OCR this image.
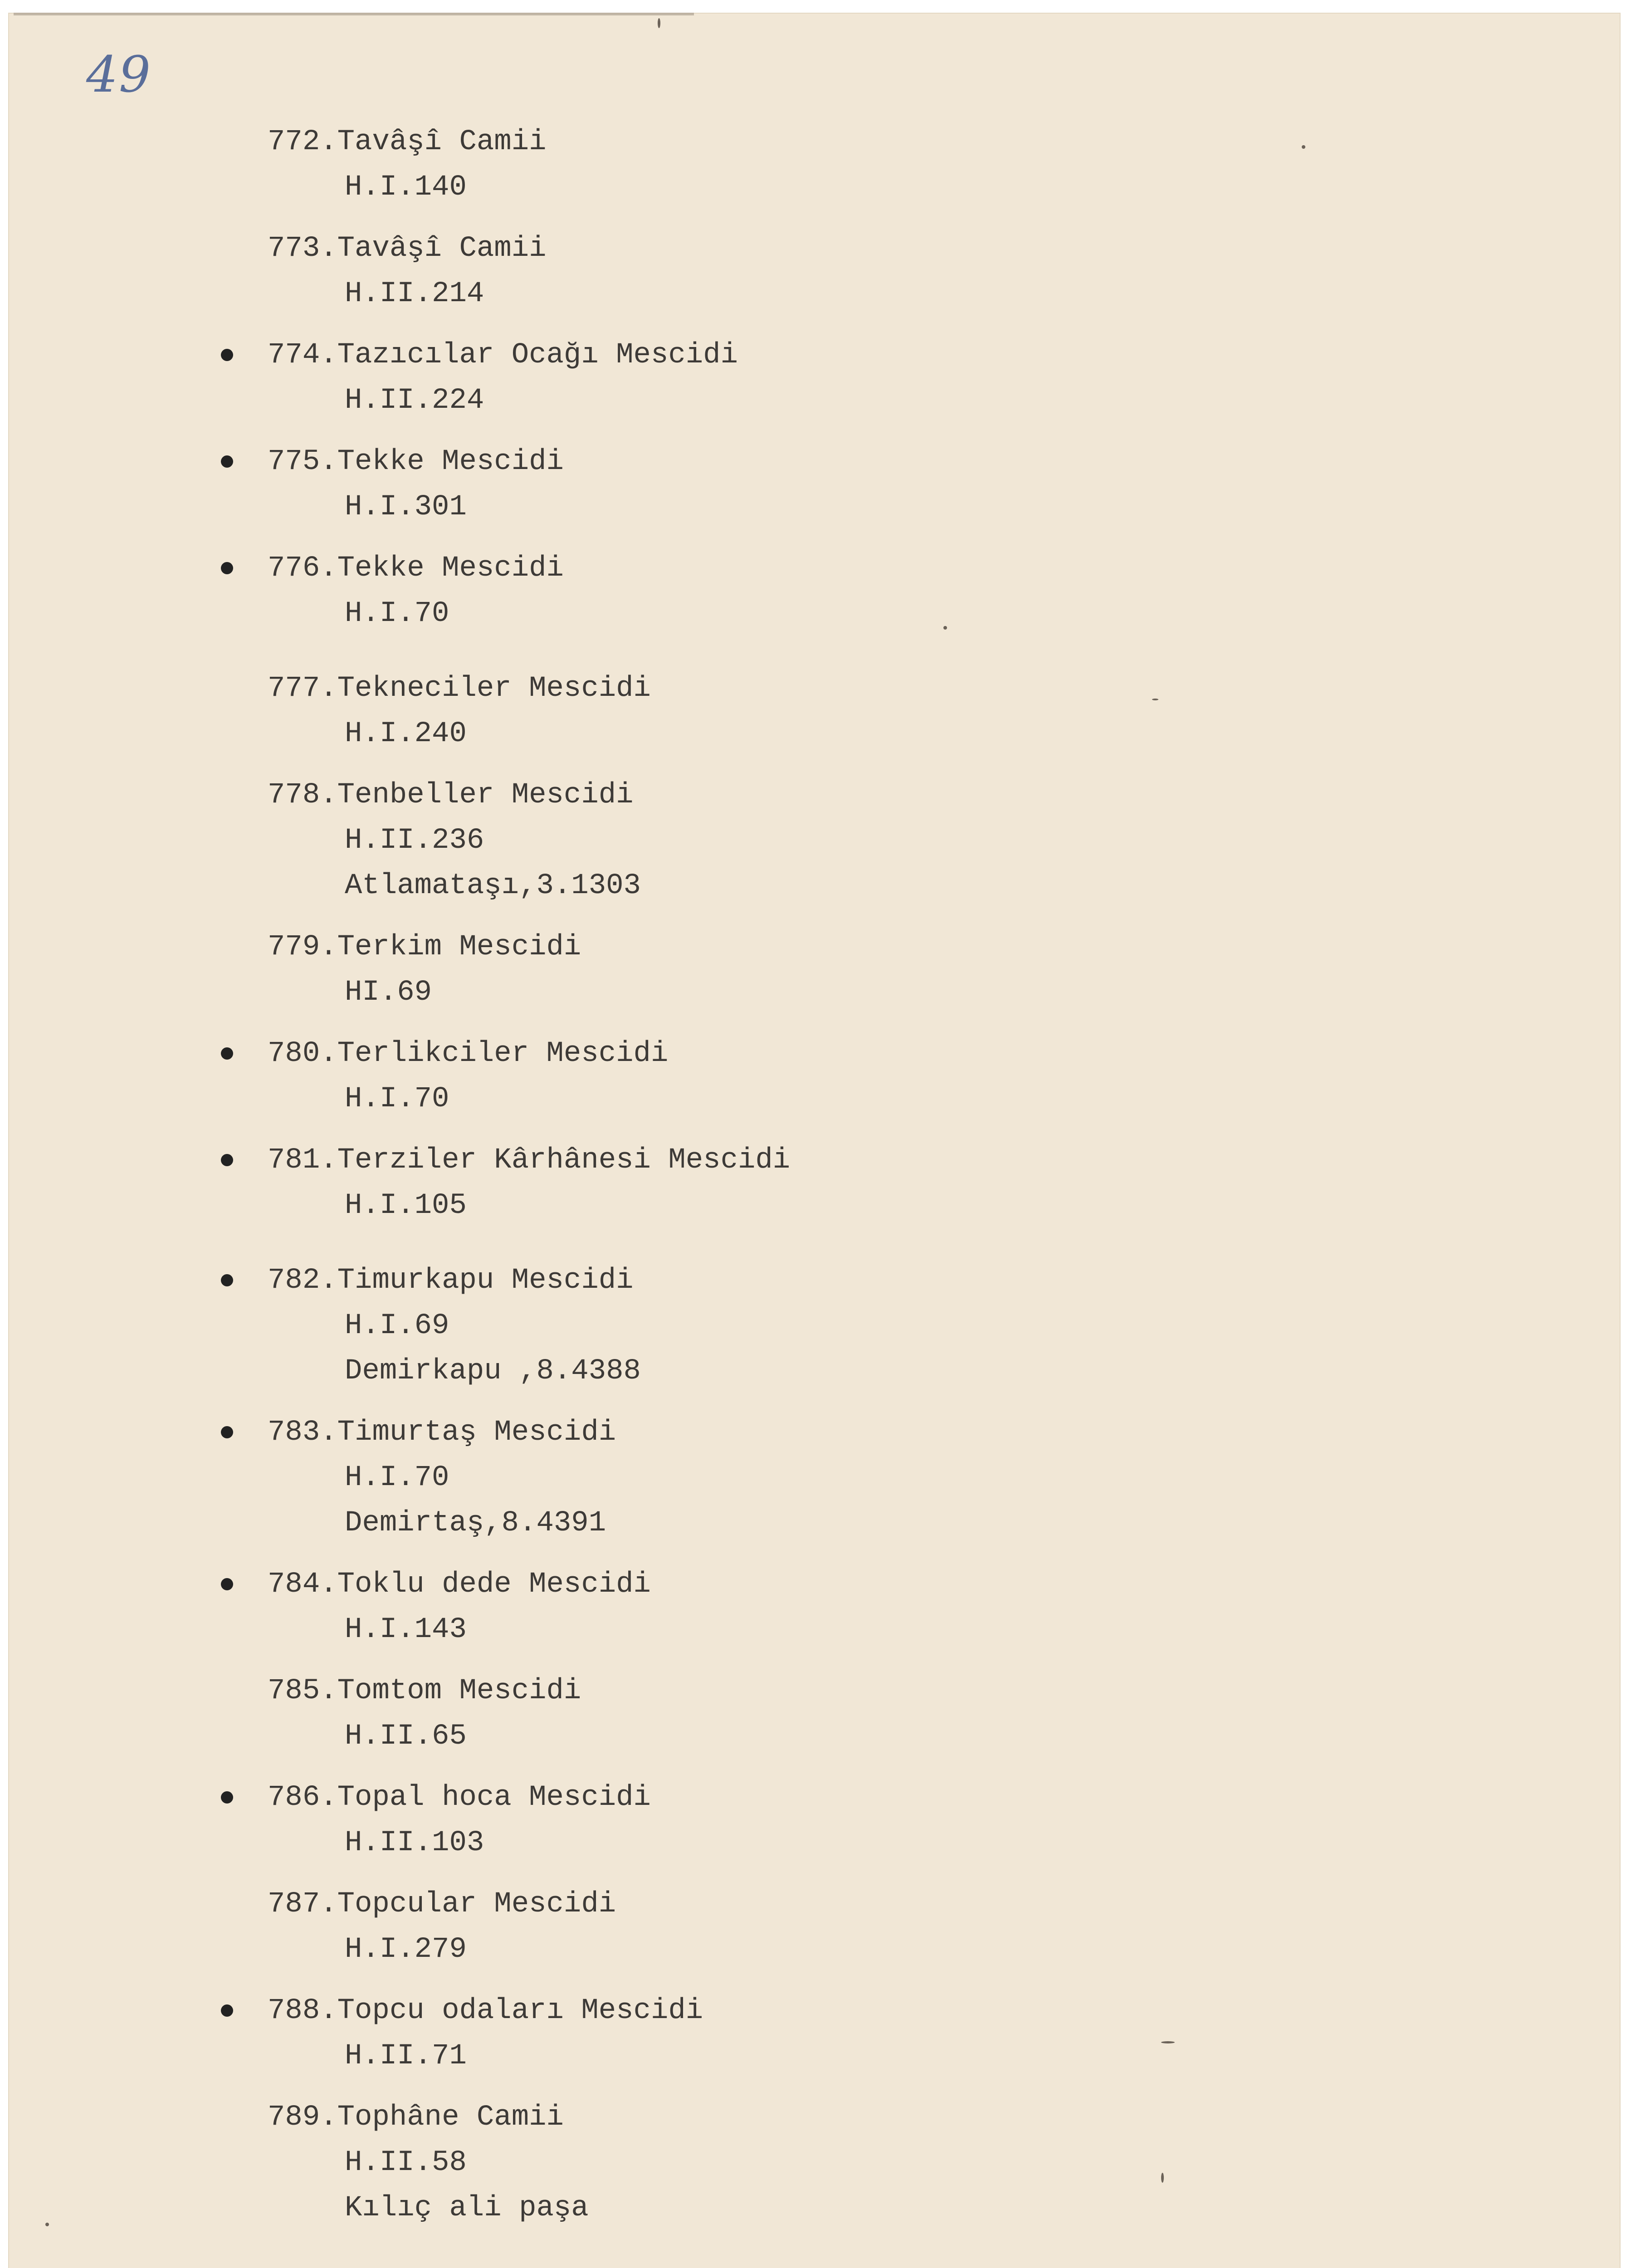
49
772.Tavâşî Camii
H.I.140
773.Tavâşî Camii
H.II.214
774.Tazıcılar Ocağı Mescidi
H.II.224
775.Tekke Mescidi
H.I.301
776.Tekke Mescidi
H.I.70
777.Tekneciler Mescidi
H.I.240
778.Tenbeller Mescidi
H.II.236
Atlamataşı,3.1303
779.Terkim Mescidi
HI.69
780.Terlikciler Mescidi
H.I.70
781.Terziler Kârhânesi Mescidi
H.I.105
782.Timurkapu Mescidi
H.I.69
Demirkapu ,8.4388
783.Timurtaş Mescidi
H.I.70
Demirtaş,8.4391
784.Toklu dede Mescidi
H.I.143
785.Tomtom Mescidi
H.II.65
786.Topal hoca Mescidi
H.II.103
787.Topcular Mescidi
H.I.279
788.Topcu odaları Mescidi
H.II.71
789.Tophâne Camii
H.II.58
Kılıç ali paşa
